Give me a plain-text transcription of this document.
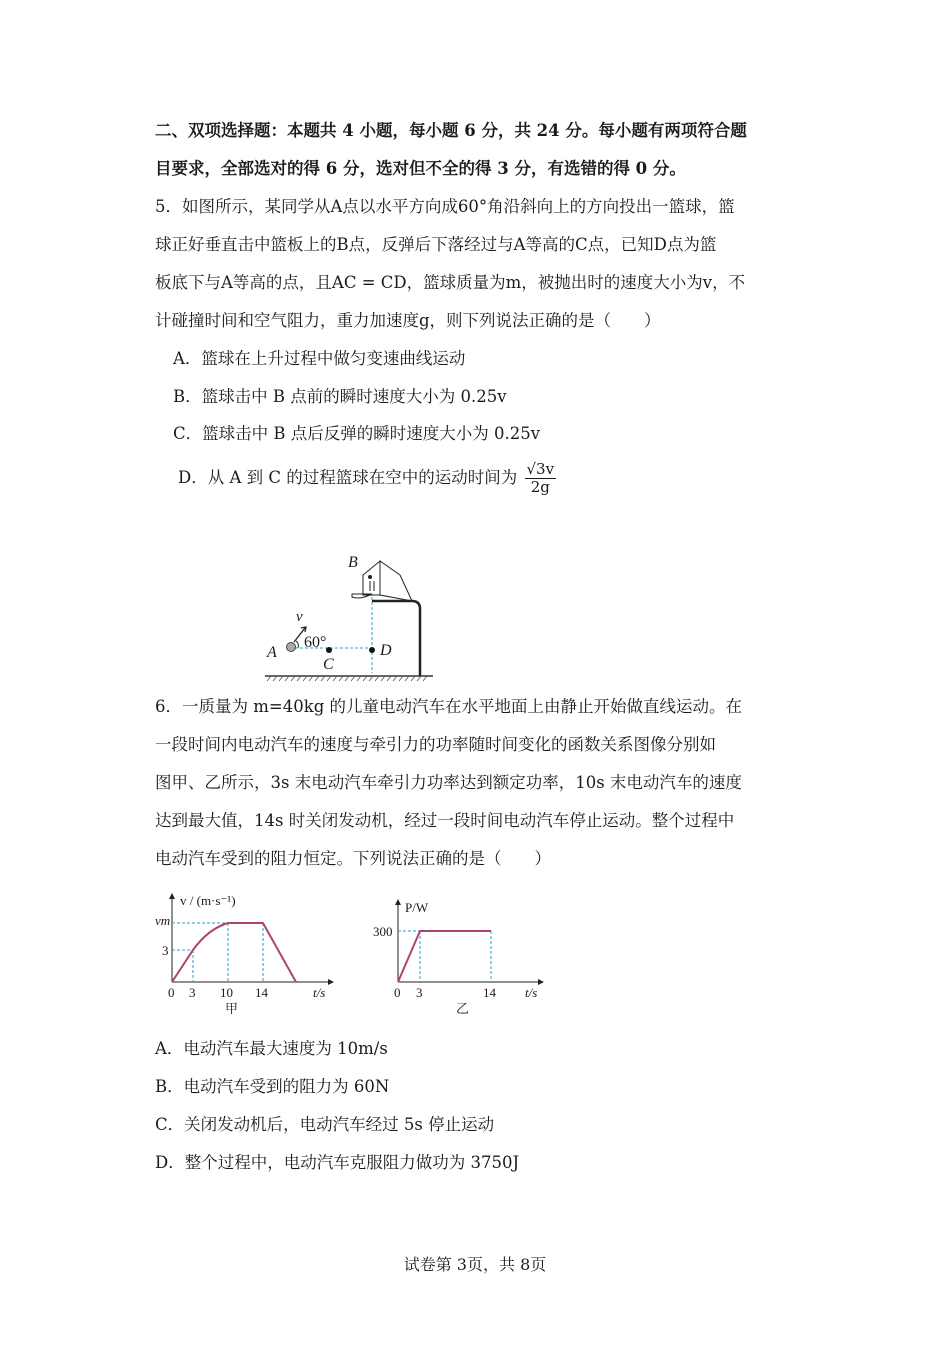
二、双项选择题：本题共 4 小题，每小题 6 分，共 24 分。每小题有两项符合题
目要求，全部选对的得 6 分，选对但不全的得 3 分，有选错的得 0 分。
5．如图所示，某同学从A点以水平方向成60°角沿斜向上的方向投出一篮球，篮
球正好垂直击中篮板上的B点，反弹后下落经过与A等高的C点，已知D点为篮
板底下与A等高的点，且AC = CD，篮球质量为m，被抛出时的速度大小为v，不
计碰撞时间和空气阻力，重力加速度g，则下列说法正确的是（　　）
A．篮球在上升过程中做匀变速曲线运动
B．篮球击中 B 点前的瞬时速度大小为 0.25v
C．篮球击中 B 点后反弹的瞬时速度大小为 0.25v
D．从 A 到 C 的过程篮球在空中的运动时间为 $\frac{√3v}{2g}$
B
v
60°
A
C
D
6．一质量为 m=40kg 的儿童电动汽车在水平地面上由静止开始做直线运动。在
一段时间内电动汽车的速度与牵引力的功率随时间变化的函数关系图像分别如
图甲、乙所示，3s 末电动汽车牵引力功率达到额定功率，10s 末电动汽车的速度
达到最大值，14s 时关闭发动机，经过一段时间电动汽车停止运动。整个过程中
电动汽车受到的阻力恒定。下列说法正确的是（　　）
v / (m·s⁻¹)
vm
3
0 3 10 14	t/s
甲
P/W
300
0 3	14 t/s
乙
A．电动汽车最大速度为 10m/s
B．电动汽车受到的阻力为 60N
C．关闭发动机后，电动汽车经过 5s 停止运动
D．整个过程中，电动汽车克服阻力做功为 3750J
试卷第 3页，共 8页
